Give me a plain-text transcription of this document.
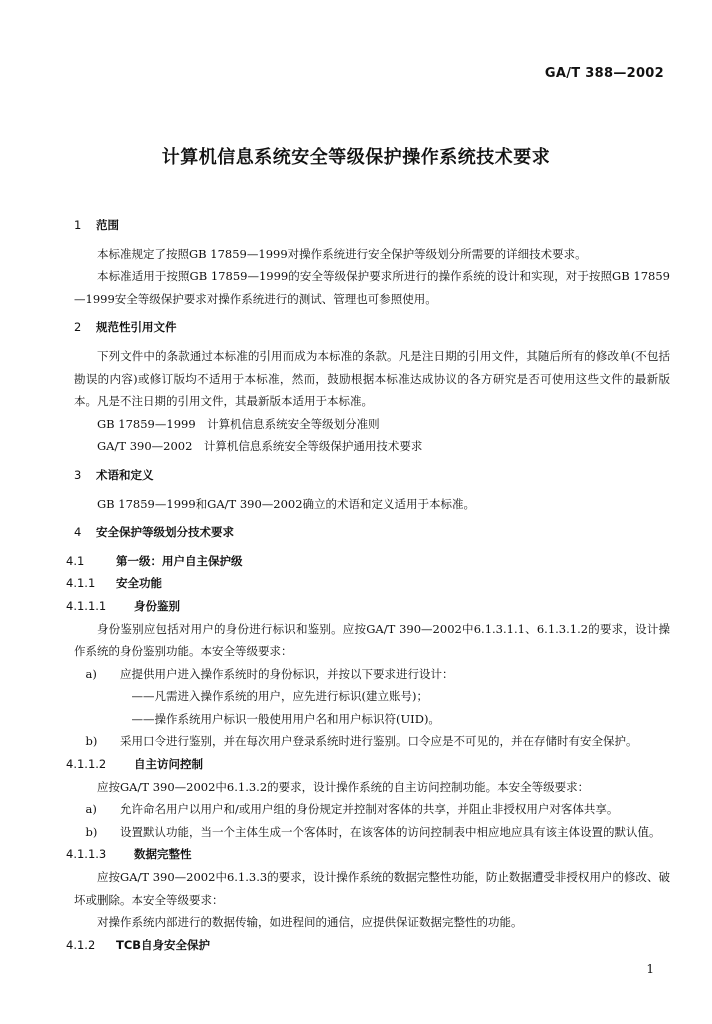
GA/T 388—2002
计算机信息系统安全等级保护操作系统技术要求
1 范围

本标准规定了按照GB 17859—1999对操作系统进行安全保护等级划分所需要的详细技术要求。

本标准适用于按照GB 17859—1999的安全等级保护要求所进行的操作系统的设计和实现，对于按照GB 17859—1999安全等级保护要求对操作系统进行的测试、管理也可参照使用。

2 规范性引用文件

下列文件中的条款通过本标准的引用而成为本标准的条款。凡是注日期的引用文件，其随后所有的修改单(不包括勘误的内容)或修订版均不适用于本标准，然而，鼓励根据本标准达成协议的各方研究是否可使用这些文件的最新版本。凡是不注日期的引用文件，其最新版本适用于本标准。

GB 17859—1999　计算机信息系统安全等级划分准则

GA/T 390—2002　计算机信息系统安全等级保护通用技术要求

3 术语和定义

GB 17859—1999和GA/T 390—2002确立的术语和定义适用于本标准。

4 安全保护等级划分技术要求
4.1	第一级：用户自主保护级
4.1.1	安全功能
4.1.1.1	身份鉴别

身份鉴别应包括对用户的身份进行标识和鉴别。应按GA/T 390—2002中6.1.3.1.1、6.1.3.1.2的要求，设计操作系统的身份鉴别功能。本安全等级要求：

a)	应提供用户进入操作系统时的身份标识，并按以下要求进行设计：

——凡需进入操作系统的用户，应先进行标识(建立账号)；

——操作系统用户标识一般使用用户名和用户标识符(UID)。

b)	采用口令进行鉴别，并在每次用户登录系统时进行鉴别。口令应是不可见的，并在存储时有安全保护。
4.1.1.2	自主访问控制

应按GA/T 390—2002中6.1.3.2的要求，设计操作系统的自主访问控制功能。本安全等级要求：

a)	允许命名用户以用户和/或用户组的身份规定并控制对客体的共享，并阻止非授权用户对客体共享。
b)	设置默认功能，当一个主体生成一个客体时，在该客体的访问控制表中相应地应具有该主体设置的默认值。
4.1.1.3	数据完整性

应按GA/T 390—2002中6.1.3.3的要求，设计操作系统的数据完整性功能，防止数据遭受非授权用户的修改、破坏或删除。本安全等级要求：

对操作系统内部进行的数据传输，如进程间的通信，应提供保证数据完整性的功能。

4.1.2	TCB自身安全保护
1
